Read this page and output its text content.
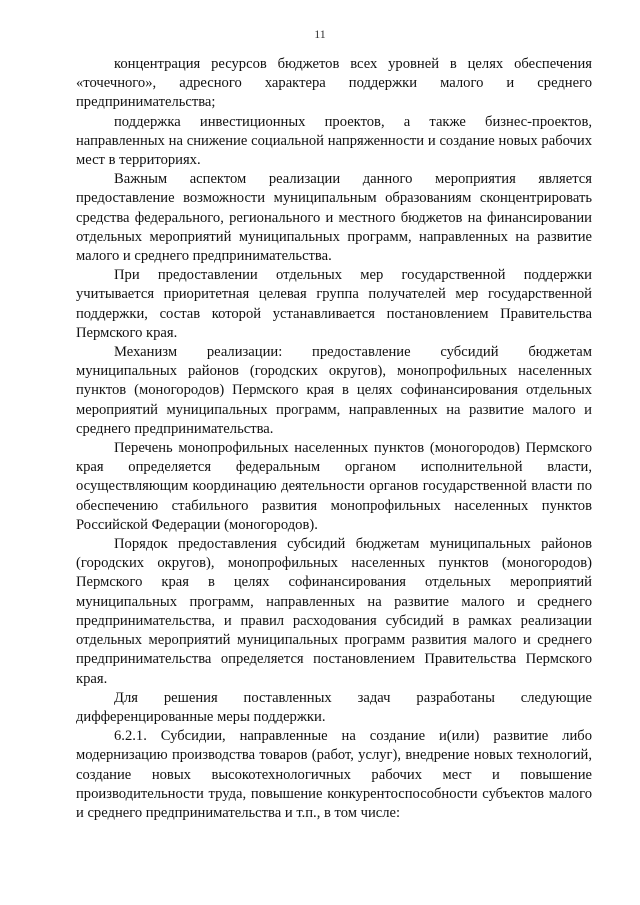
11

концентрация ресурсов бюджетов всех уровней в целях обеспечения «точечного», адресного характера поддержки малого и среднего предпринимательства;

поддержка инвестиционных проектов, а также бизнес-проектов, направленных на снижение социальной напряженности и создание новых рабочих мест в территориях.

Важным аспектом реализации данного мероприятия является предоставление возможности муниципальным образованиям сконцентрировать средства федерального, регионального и местного бюджетов на финансировании отдельных мероприятий муниципальных программ, направленных на развитие малого и среднего предпринимательства.

При предоставлении отдельных мер государственной поддержки учитывается приоритетная целевая группа получателей мер государственной поддержки, состав которой устанавливается постановлением Правительства Пермского края.

Механизм реализации: предоставление субсидий бюджетам муниципальных районов (городских округов), монопрофильных населенных пунктов (моногородов) Пермского края в целях софинансирования отдельных мероприятий муниципальных программ, направленных на развитие малого и среднего предпринимательства.

Перечень монопрофильных населенных пунктов (моногородов) Пермского края определяется федеральным органом исполнительной власти, осуществляющим координацию деятельности органов государственной власти по обеспечению стабильного развития монопрофильных населенных пунктов Российской Федерации (моногородов).

Порядок предоставления субсидий бюджетам муниципальных районов (городских округов), монопрофильных населенных пунктов (моногородов) Пермского края в целях софинансирования отдельных мероприятий муниципальных программ, направленных на развитие малого и среднего предпринимательства, и правил расходования субсидий в рамках реализации отдельных мероприятий муниципальных программ развития малого и среднего предпринимательства определяется постановлением Правительства Пермского края.

Для решения поставленных задач разработаны следующие дифференцированные меры поддержки.

6.2.1. Субсидии, направленные на создание и(или) развитие либо модернизацию производства товаров (работ, услуг), внедрение новых технологий, создание новых высокотехнологичных рабочих мест и повышение производительности труда, повышение конкурентоспособности субъектов малого и среднего предпринимательства и т.п., в том числе:
